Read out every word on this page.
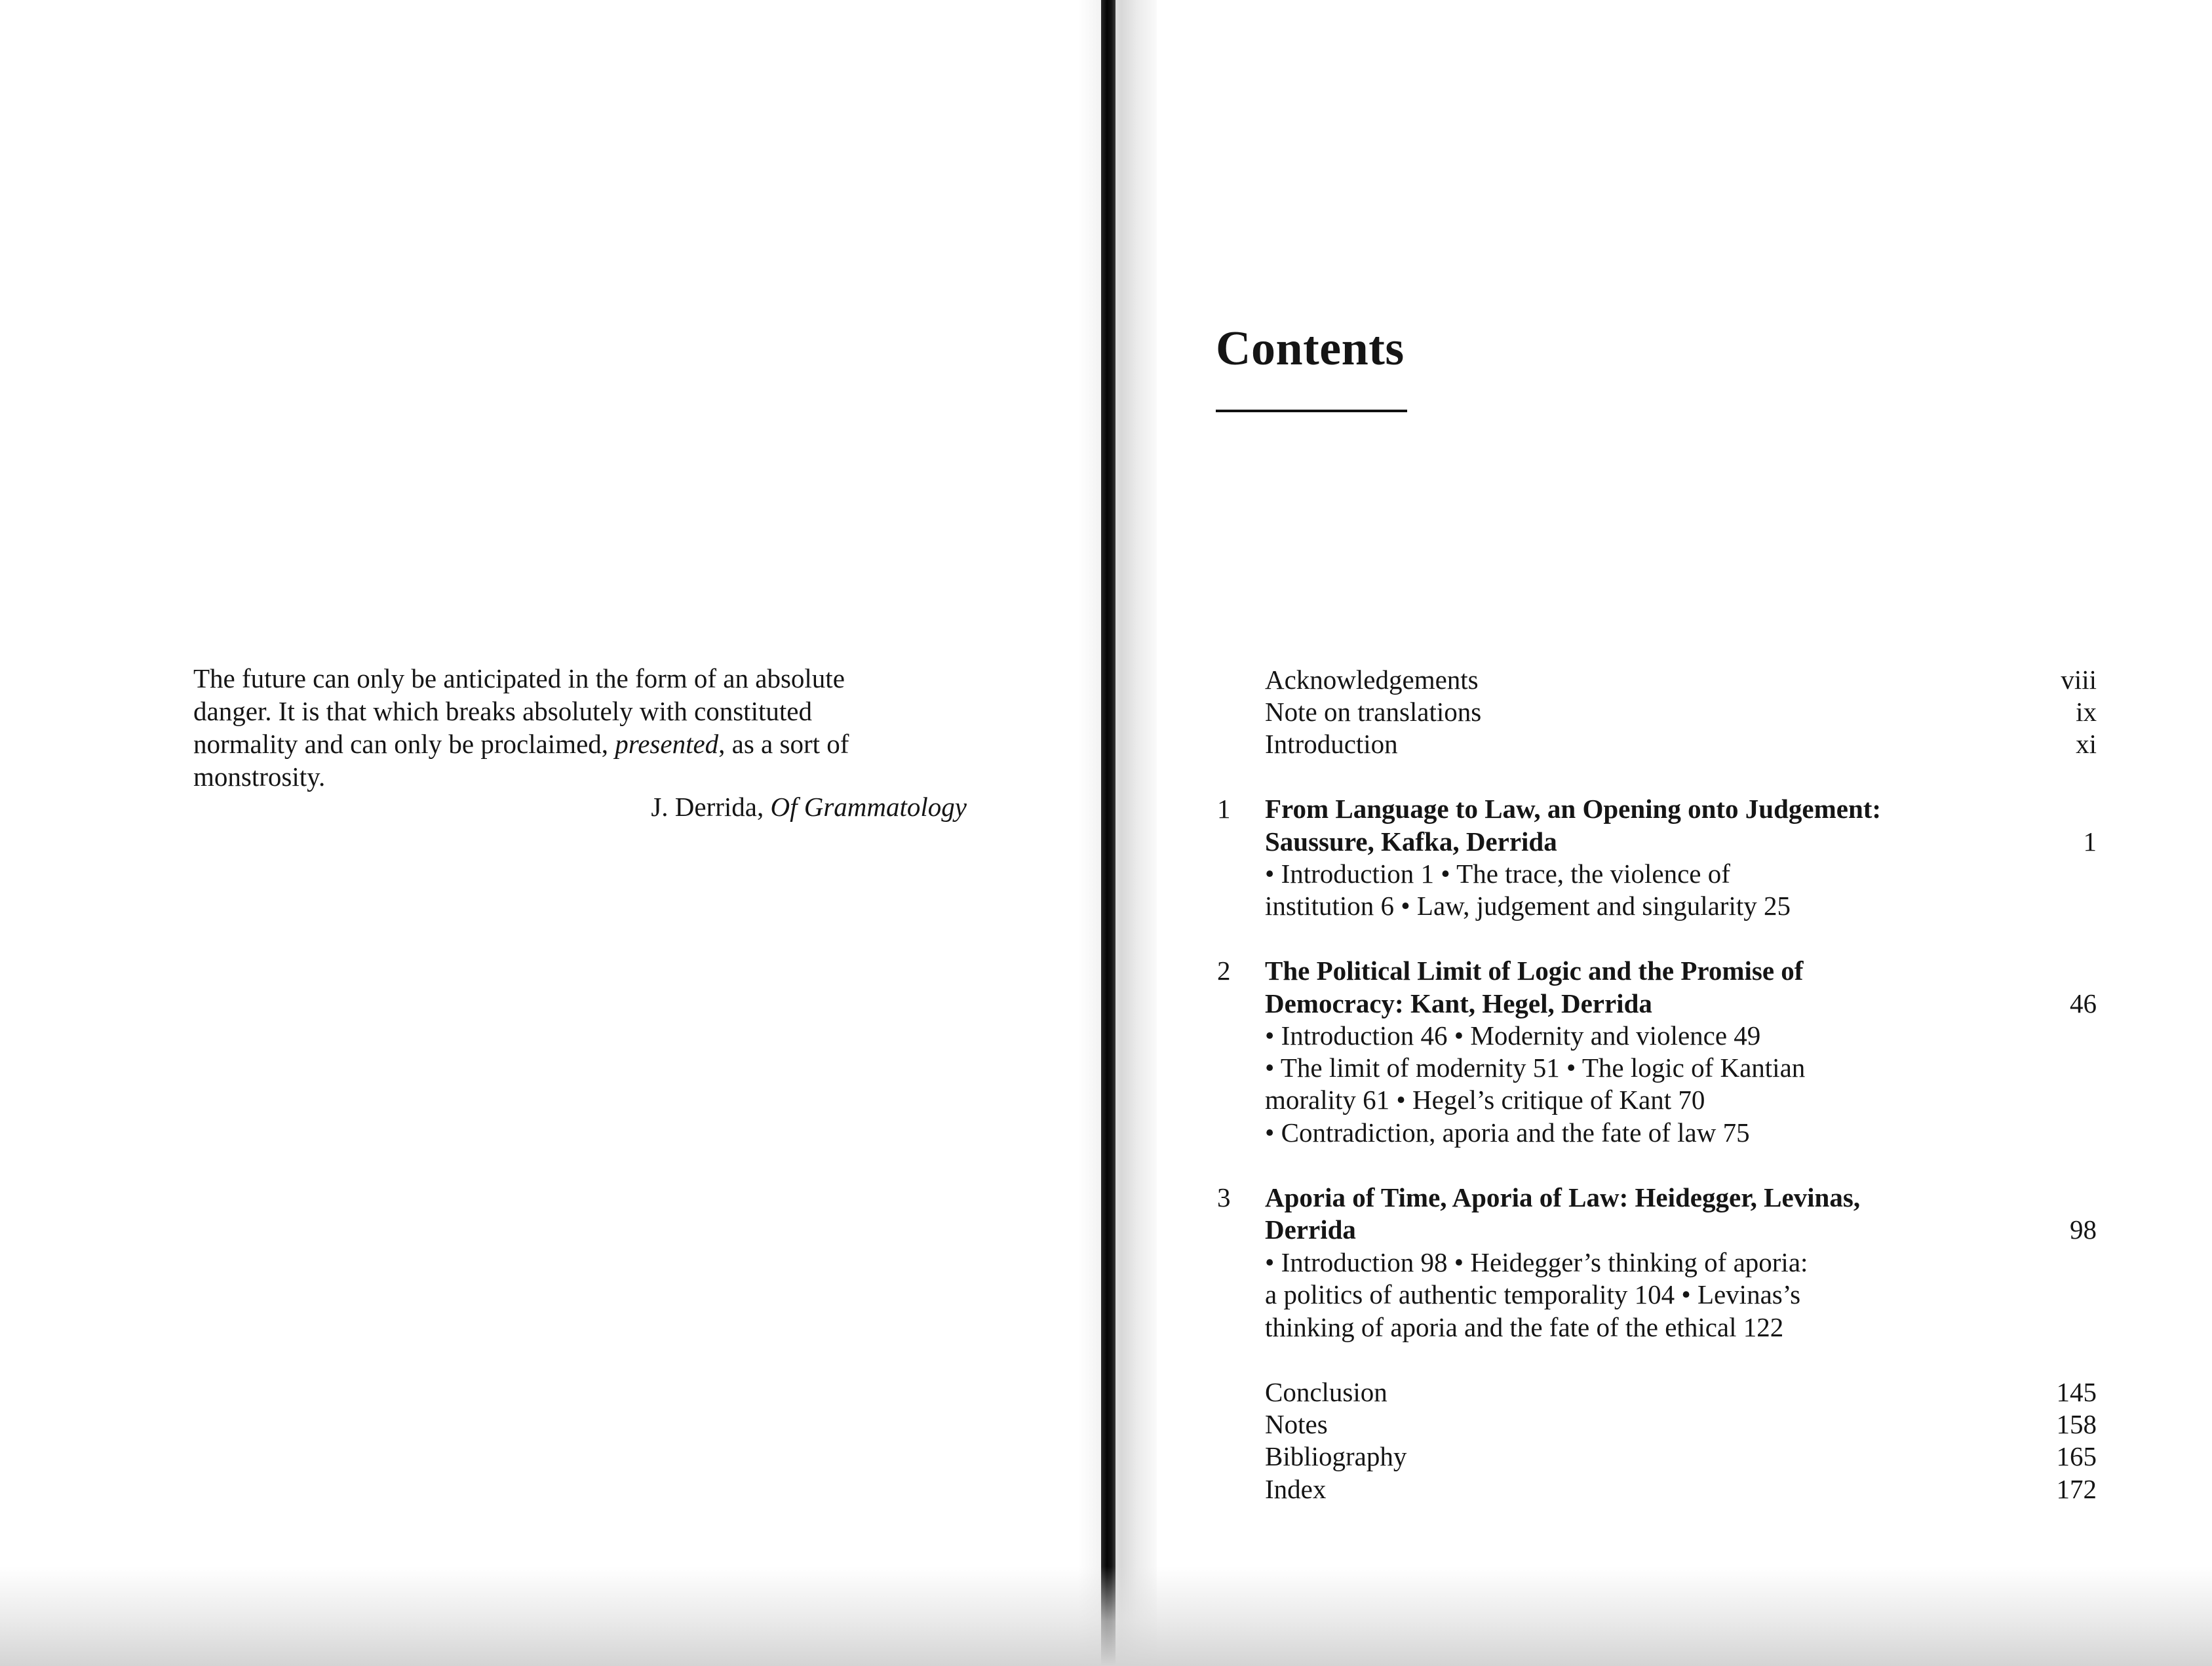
The future can only be anticipated in the form of an absolute
danger. It is that which breaks absolutely with constituted
normality and can only be proclaimed, presented, as a sort of
monstrosity.
J. Derrida, Of Grammatology
Contents
Acknowledgements	viii
Note on translations	ix
Introduction	xi
1 From Language to Law, an Opening onto Judgement:
Saussure, Kafka, Derrida	1
• Introduction 1 • The trace, the violence of
institution 6 • Law, judgement and singularity 25
2 The Political Limit of Logic and the Promise of
Democracy: Kant, Hegel, Derrida	46
• Introduction 46 • Modernity and violence 49
• The limit of modernity 51 • The logic of Kantian
morality 61 • Hegel’s critique of Kant 70
• Contradiction, aporia and the fate of law 75
3 Aporia of Time, Aporia of Law: Heidegger, Levinas,
Derrida	98
• Introduction 98 • Heidegger’s thinking of aporia:
a politics of authentic temporality 104 • Levinas’s
thinking of aporia and the fate of the ethical 122
Conclusion	145
Notes	158
Bibliography	165
Index	172
